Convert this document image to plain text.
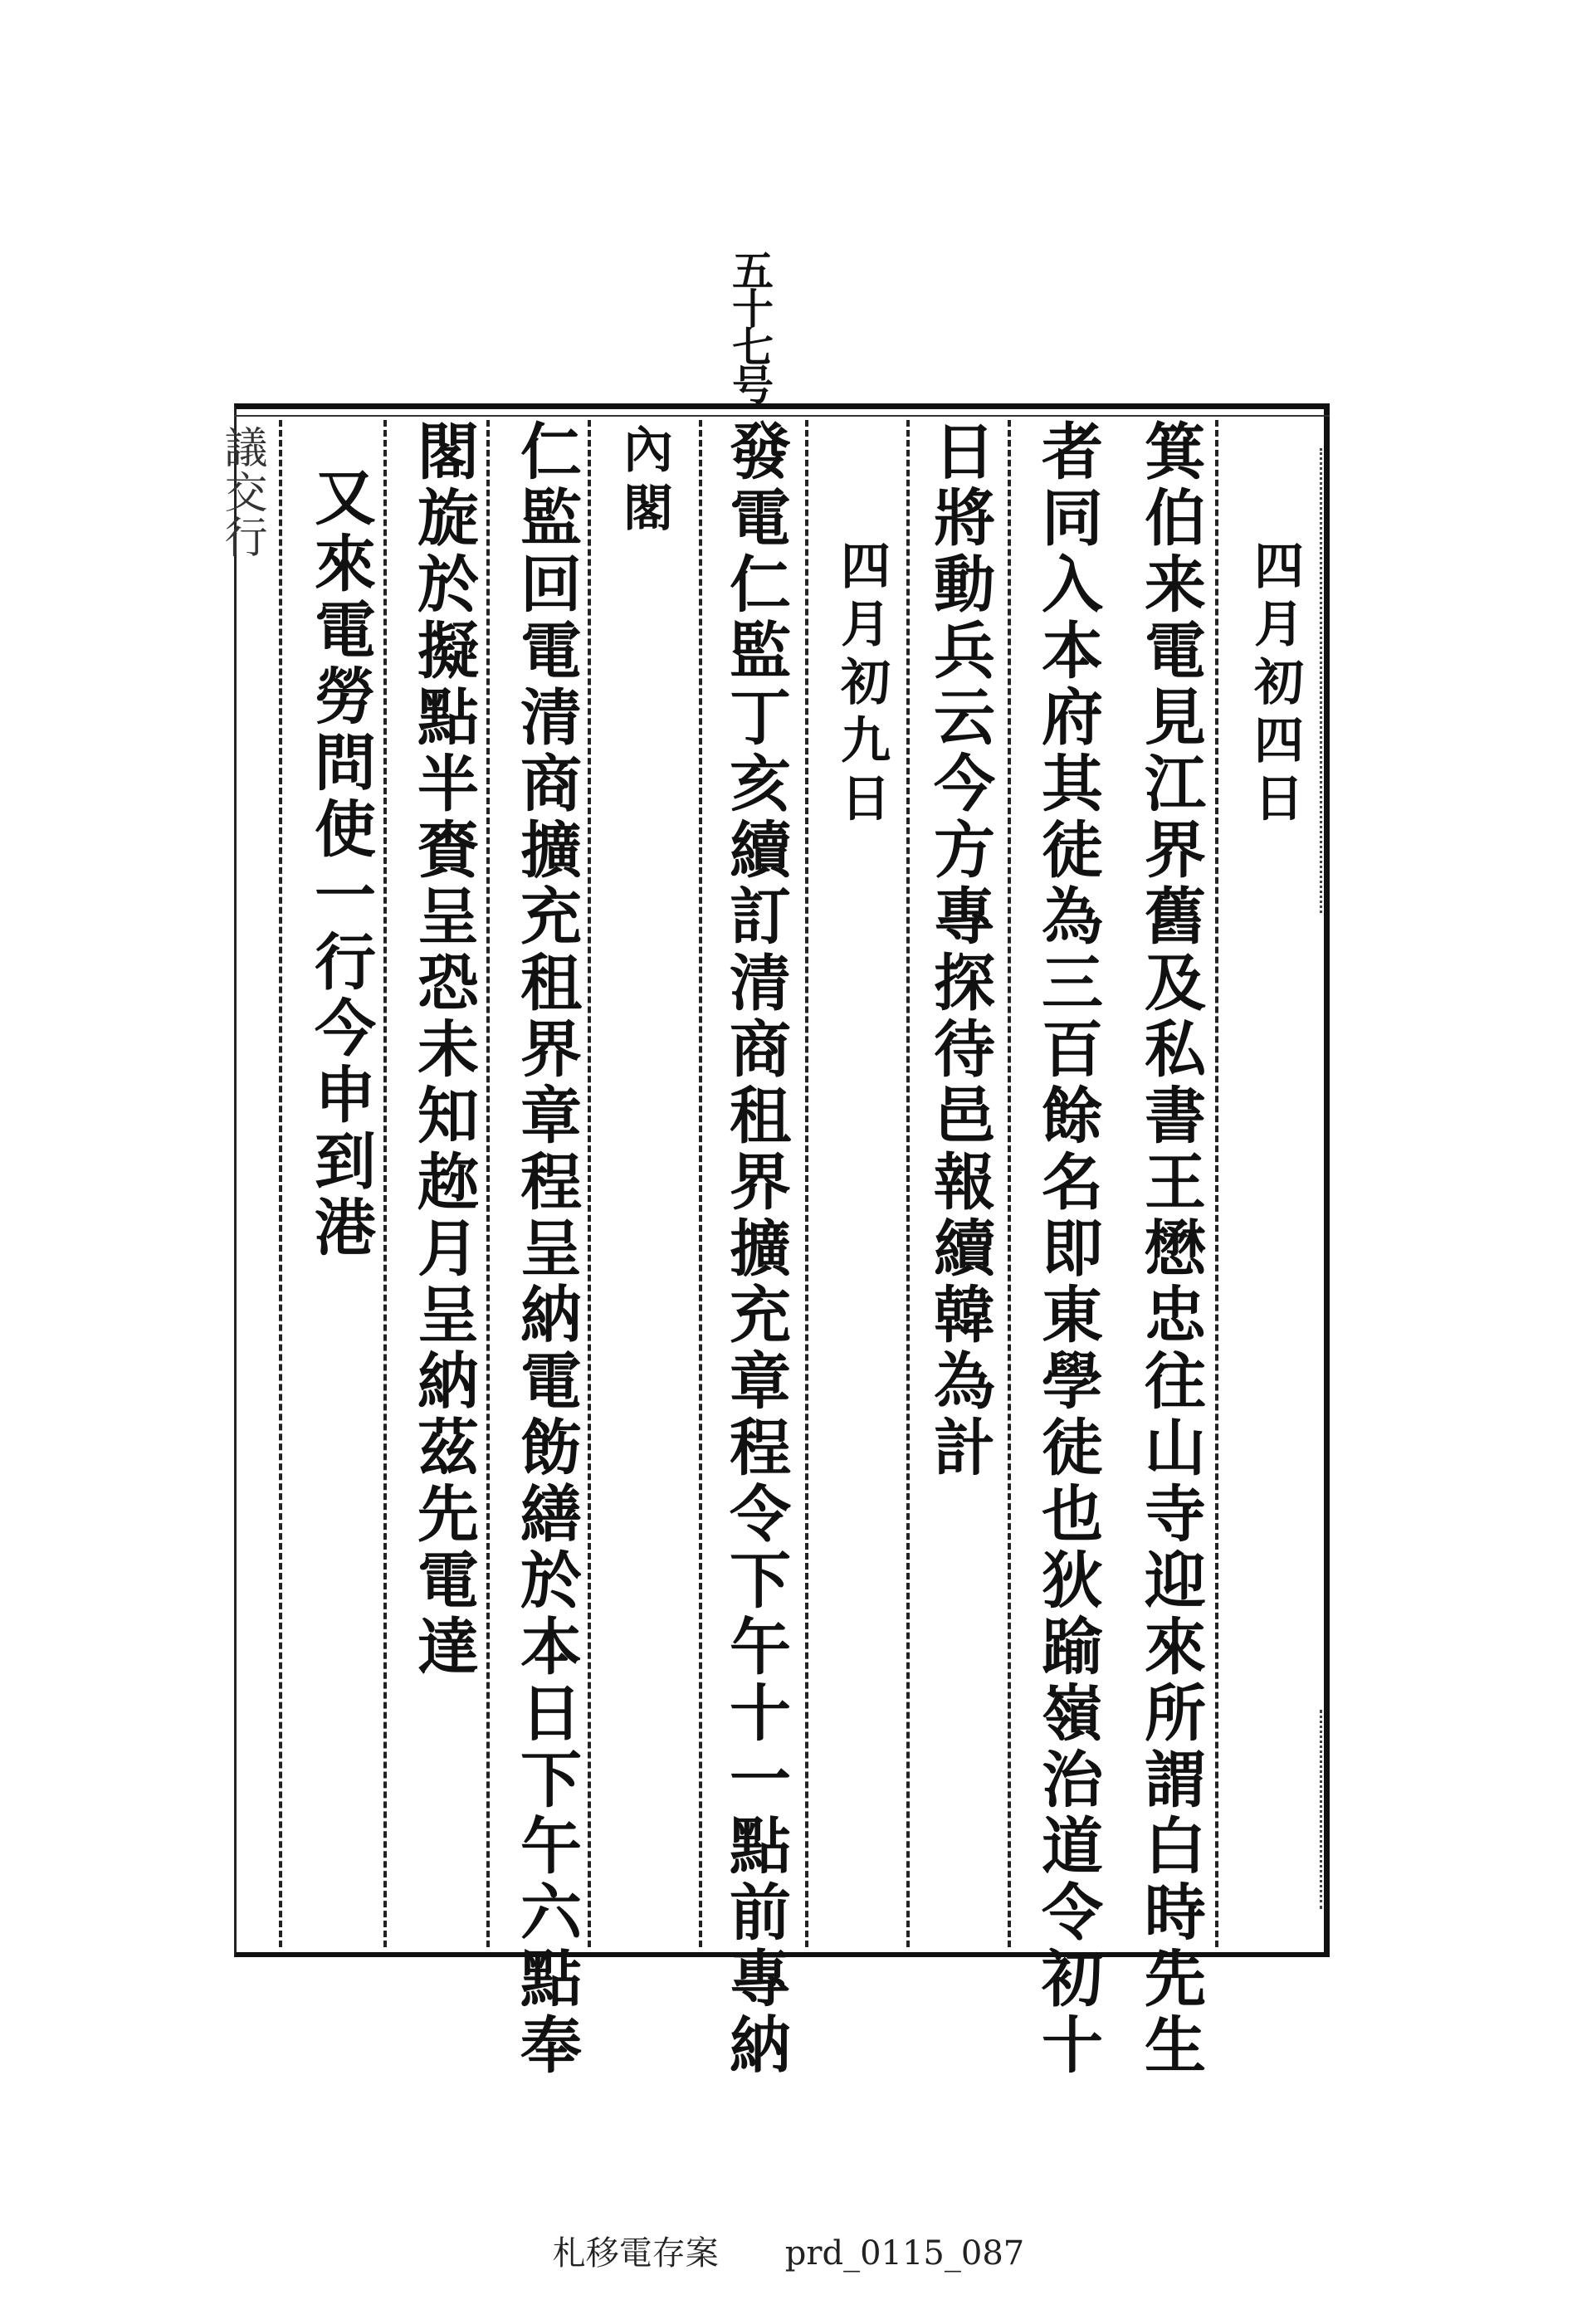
五十七号
議交行
四月初四日
箕伯来電見江界舊及私書王懋忠往山寺迎來所謂白時先生
者同入本府其徒為三百餘名即東學徒也狄踰嶺治道令初十
日將動兵云今方專探待邑報續韓為計
四月初九日
發電仁監丁亥續訂清商租界擴充章程令下午十一點前專納
內閣
仁監回電清商擴充租界章程呈納電飭繕於本日下午六點奉
閣旋於擬點半賚呈恐未知趂月呈納茲先電達
又來電勞問使一行今申到港
札移電存案 prd_0115_087
